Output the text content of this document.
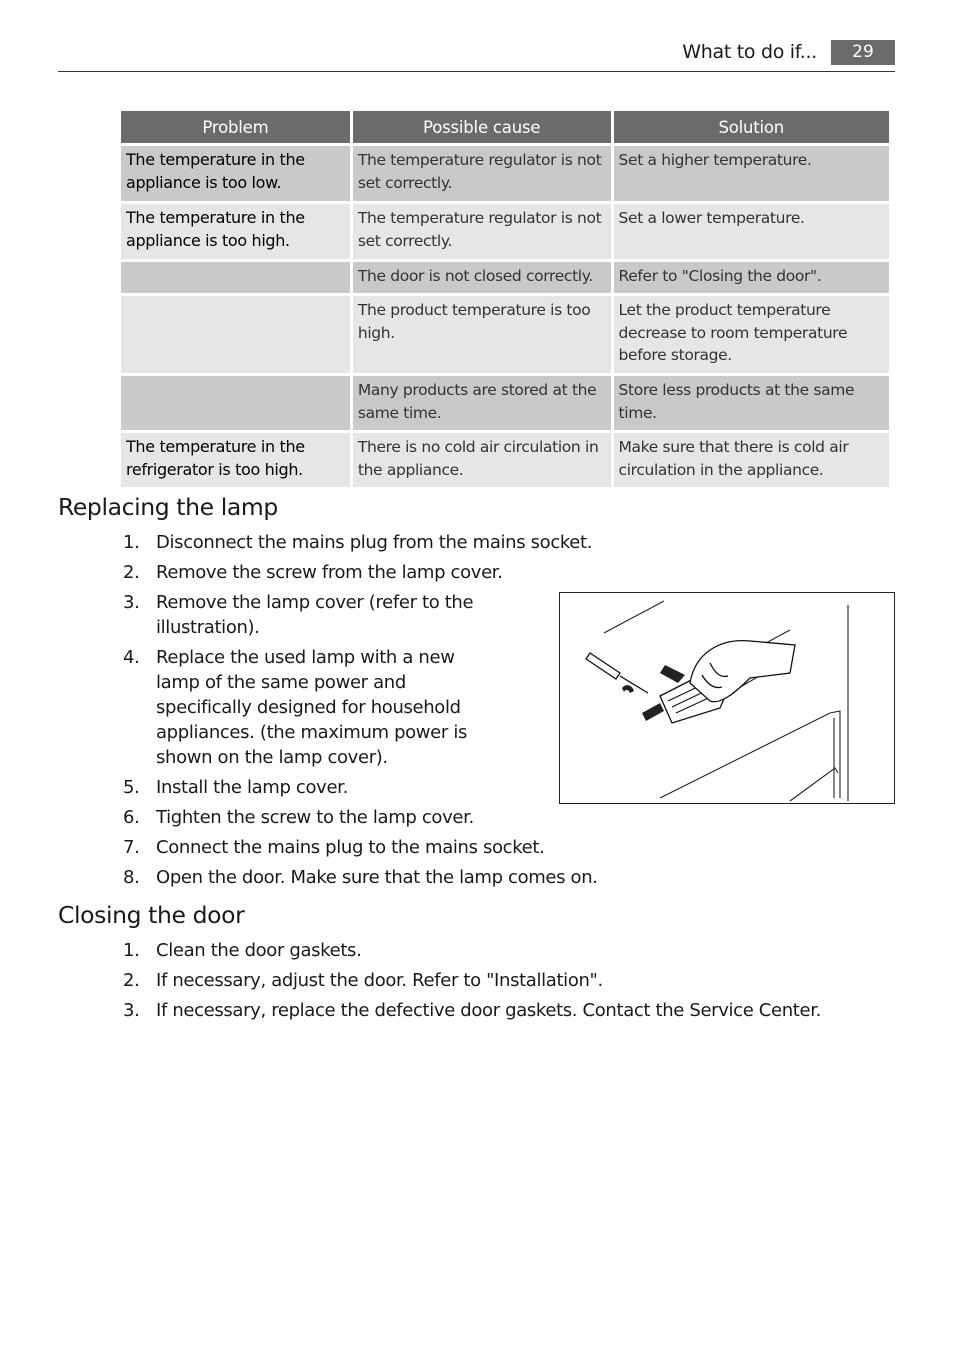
What to do if...	29
Problem	Possible cause	Solution

The temperature in the appliance is too low.	The temperature regulator is not set correctly.	Set a higher temperature.

The temperature in the appliance is too high.	The temperature regulator is not set correctly.	Set a lower temperature.
	The door is not closed correctly.	Refer to "Closing the door".
	The product temperature is too high.	Let the product temperature decrease to room temperature before storage.

	Many products are stored at the same time.	Store less products at the same time.

The temperature in the refrigerator is too high.	There is no cold air circulation in the appliance.	Make sure that there is cold air circulation in the appliance.
Replacing the lamp
1. Disconnect the mains plug from the mains socket.
2. Remove the screw from the lamp cover.
3. Remove the lamp cover (refer to the illustration).
4. Replace the used lamp with a new lamp of the same power and specifically designed for household appliances. (the maximum power is shown on the lamp cover).
5. Install the lamp cover.
6. Tighten the screw to the lamp cover.
7. Connect the mains plug to the mains socket.
8. Open the door. Make sure that the lamp comes on.
Closing the door
1. Clean the door gaskets.
2. If necessary, adjust the door. Refer to "Installation".
3. If necessary, replace the defective door gaskets. Contact the Service Center.
